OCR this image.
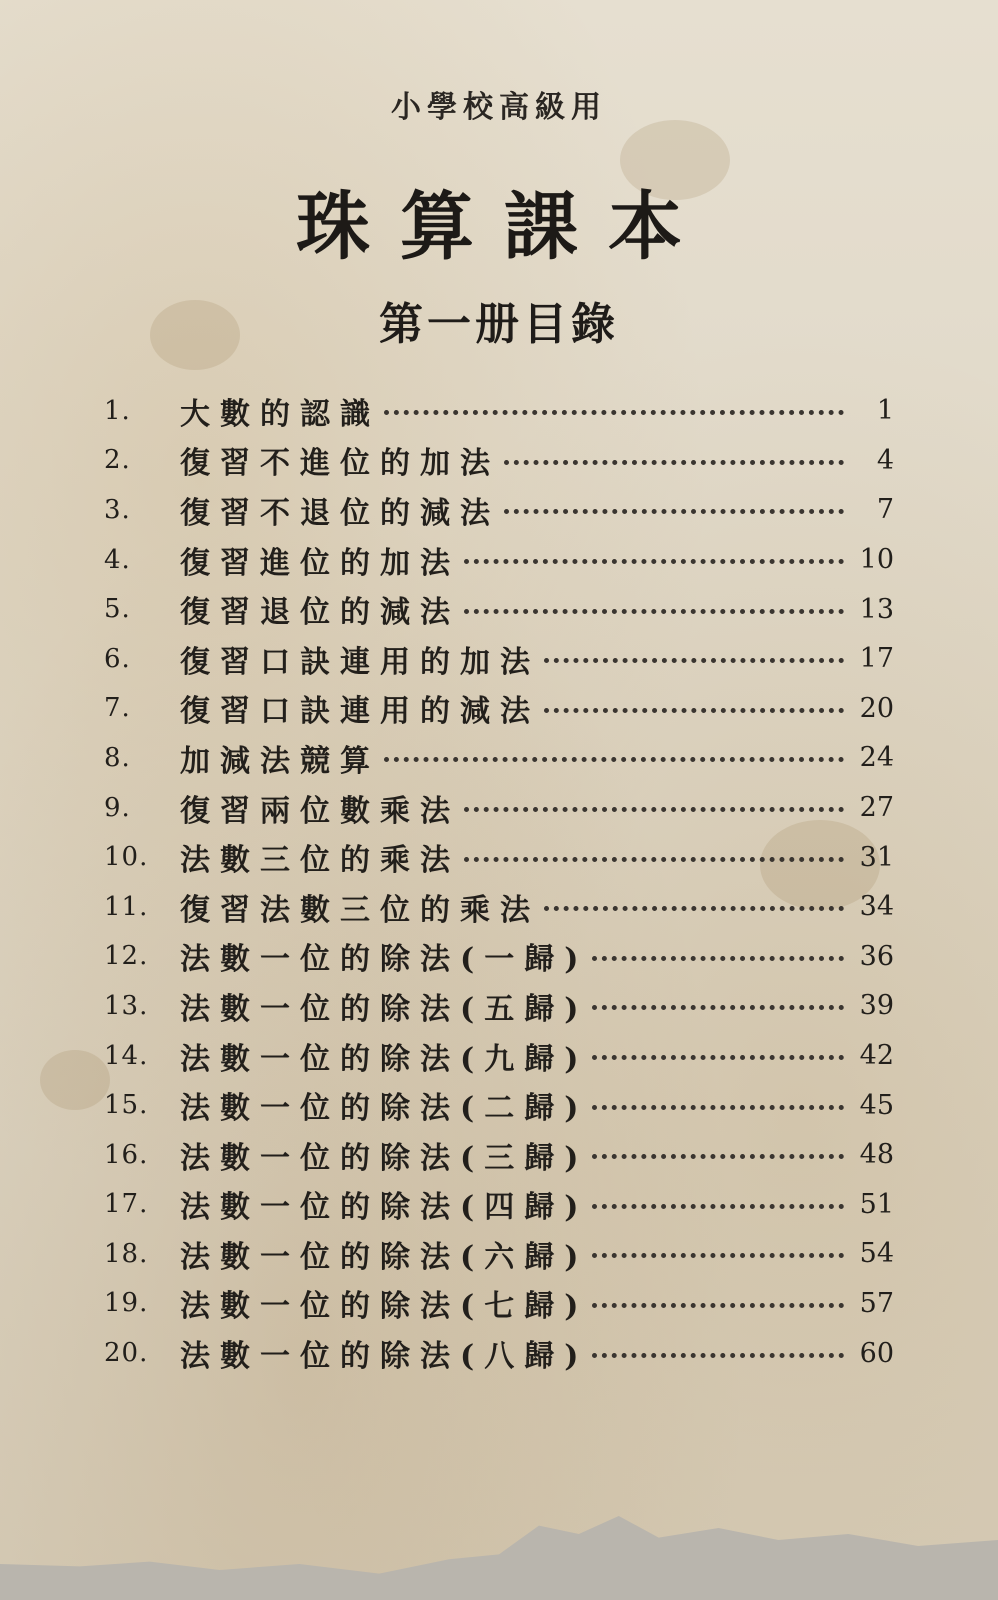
小學校高級用
珠算課本
第一册目錄
1.	大數的認識	1
2.	復習不進位的加法	4
3.	復習不退位的減法	7
4.	復習進位的加法	10
5.	復習退位的減法	13
6.	復習口訣連用的加法	17
7.	復習口訣連用的減法	20
8.	加減法競算	24
9.	復習兩位數乘法	27
10.	法數三位的乘法	31
11.	復習法數三位的乘法	34
12.	法數一位的除法(一歸)	36
13.	法數一位的除法(五歸)	39
14.	法數一位的除法(九歸)	42
15.	法數一位的除法(二歸)	45
16.	法數一位的除法(三歸)	48
17.	法數一位的除法(四歸)	51
18.	法數一位的除法(六歸)	54
19.	法數一位的除法(七歸)	57
20.	法數一位的除法(八歸)	60
